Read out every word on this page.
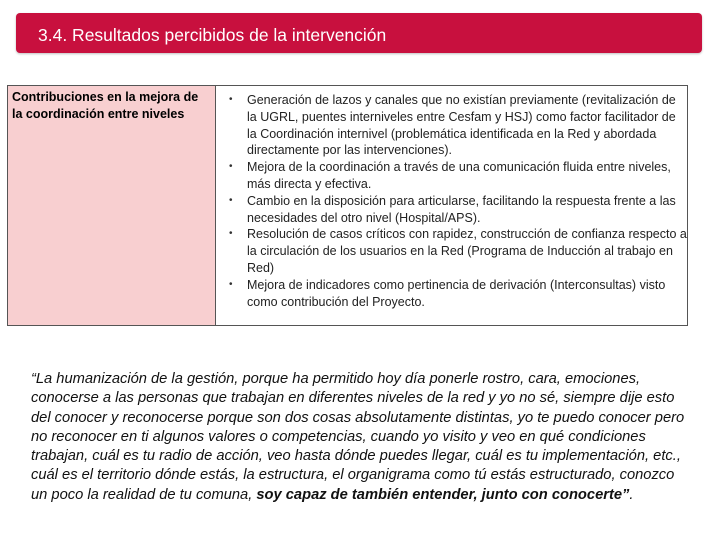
3.4. Resultados percibidos de la intervención
Contribuciones en la mejora de la coordinación entre niveles
• Generación de lazos y canales que no existían previamente (revitalización de la UGRL, puentes interniveles entre Cesfam y HSJ) como factor facilitador de la Coordinación internivel (problemática identificada en la Red y abordada directamente por las intervenciones).
• Mejora de la coordinación a través de una comunicación fluida entre niveles, más directa y efectiva.
• Cambio en la disposición para articularse, facilitando la respuesta frente a las necesidades del otro nivel (Hospital/APS).
• Resolución de casos críticos con rapidez, construcción de confianza respecto a la circulación de los usuarios en la Red (Programa de Inducción al trabajo en Red)
• Mejora de indicadores como pertinencia de derivación (Interconsultas) visto como contribución del Proyecto.
“La humanización de la gestión, porque ha permitido hoy día ponerle rostro, cara, emociones, conocerse a las personas que trabajan en diferentes niveles de la red y yo no sé, siempre dije esto del conocer y reconocerse porque son dos cosas absolutamente distintas, yo te puedo conocer pero no reconocer en ti algunos valores o competencias, cuando yo visito y veo en qué condiciones trabajan, cuál es tu radio de acción, veo hasta dónde puedes llegar, cuál es tu implementación, etc., cuál es el territorio dónde estás, la estructura, el organigrama como tú estás estructurado, conozco un poco la realidad de tu comuna, soy capaz de también entender, junto con conocerte”.
